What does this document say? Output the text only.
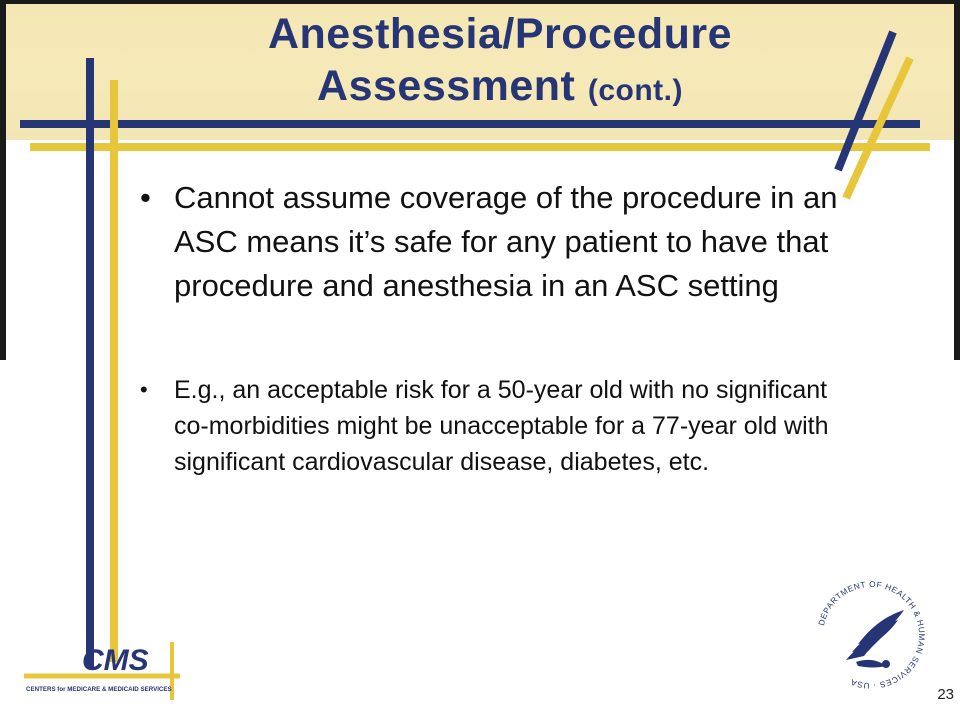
Anesthesia/Procedure
Assessment (cont.)
• Cannot assume coverage of the procedure in an ASC means it’s safe for any patient to have that procedure and anesthesia in an ASC setting
• E.g., an acceptable risk for a 50-year old with no significant co-morbidities might be unacceptable for a 77-year old with significant cardiovascular disease, diabetes, etc.
CMS
CENTERS for MEDICARE & MEDICAID SERVICES
DEPARTMENT OF HEALTH & HUMAN SERVICES · USA
23
